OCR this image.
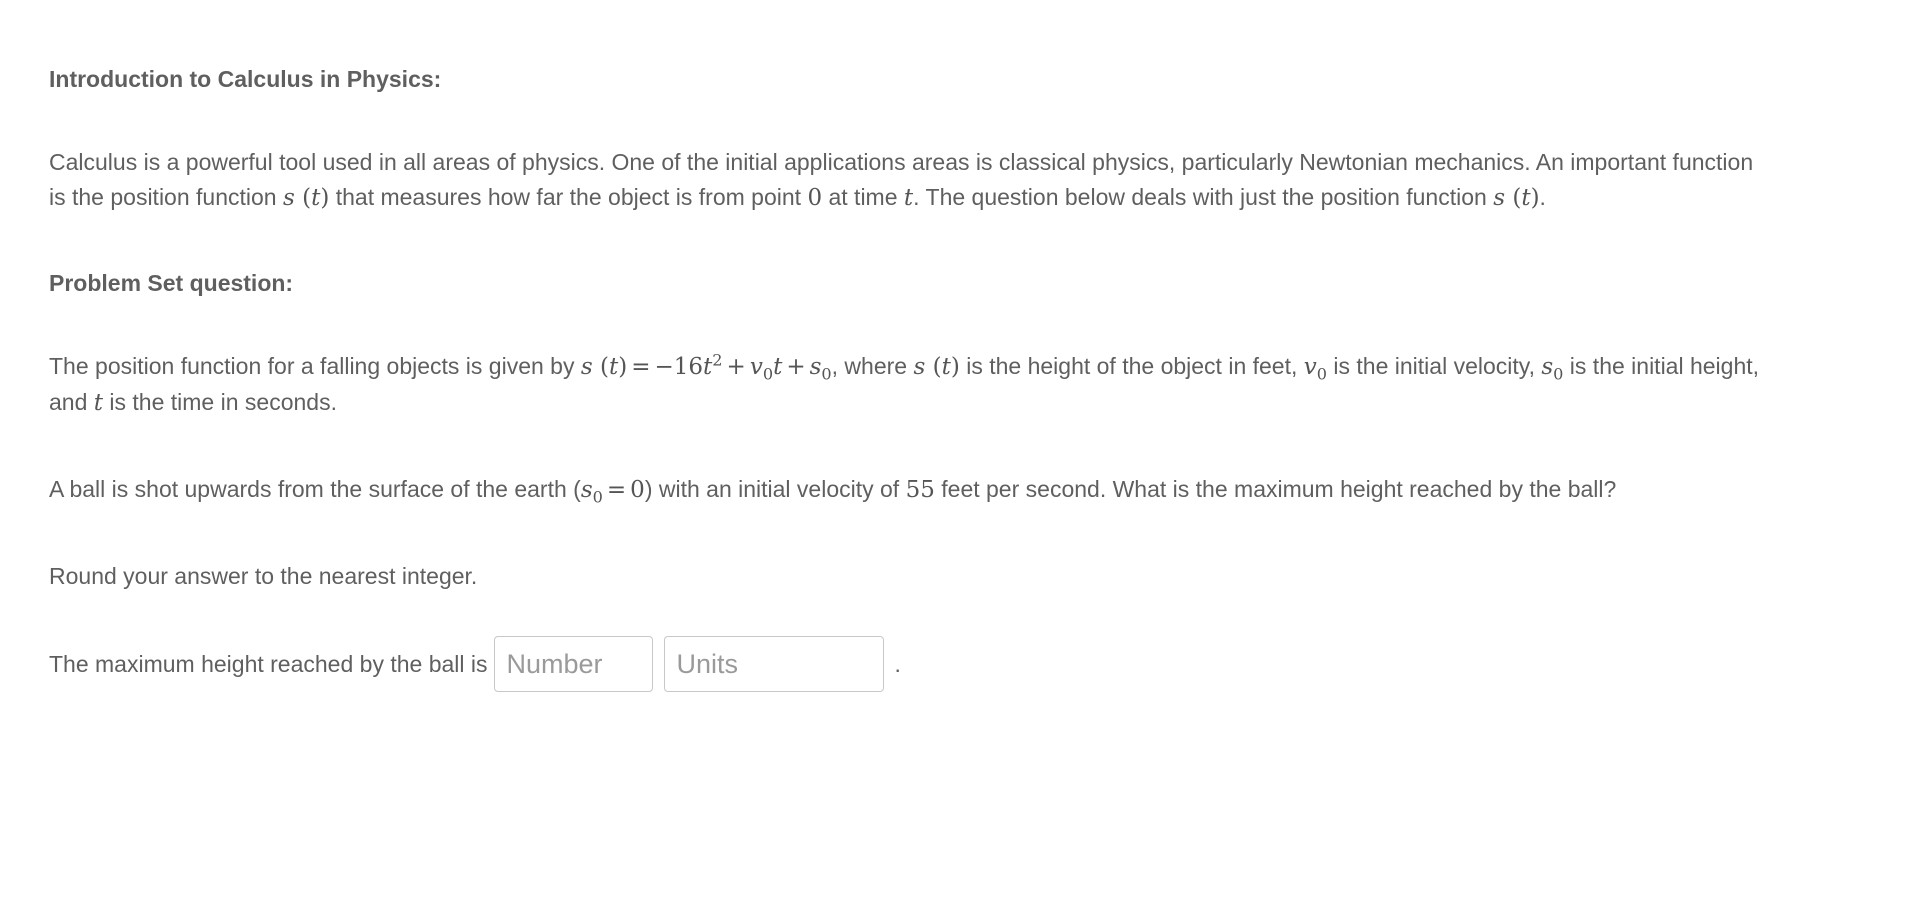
Introduction to Calculus in Physics:

Calculus is a powerful tool used in all areas of physics. One of the initial applications areas is classical physics, particularly Newtonian mechanics. An important function is the position function s (t) that measures how far the object is from point 0 at time t. The question below deals with just the position function s (t).

Problem Set question:

The position function for a falling objects is given by s $(t) = -16t^2 + v_0t + s_0$, where s (t) is the height of the object in feet, $v_0$ is the initial velocity, $s_0$ is the initial height, and t is the time in seconds.

A ball is shot upwards from the surface of the earth $(s_0 = 0)$ with an initial velocity of 55 feet per second. What is the maximum height reached by the ball?

Round your answer to the nearest integer.

The maximum height reached by the ball is
Number
Units	.
